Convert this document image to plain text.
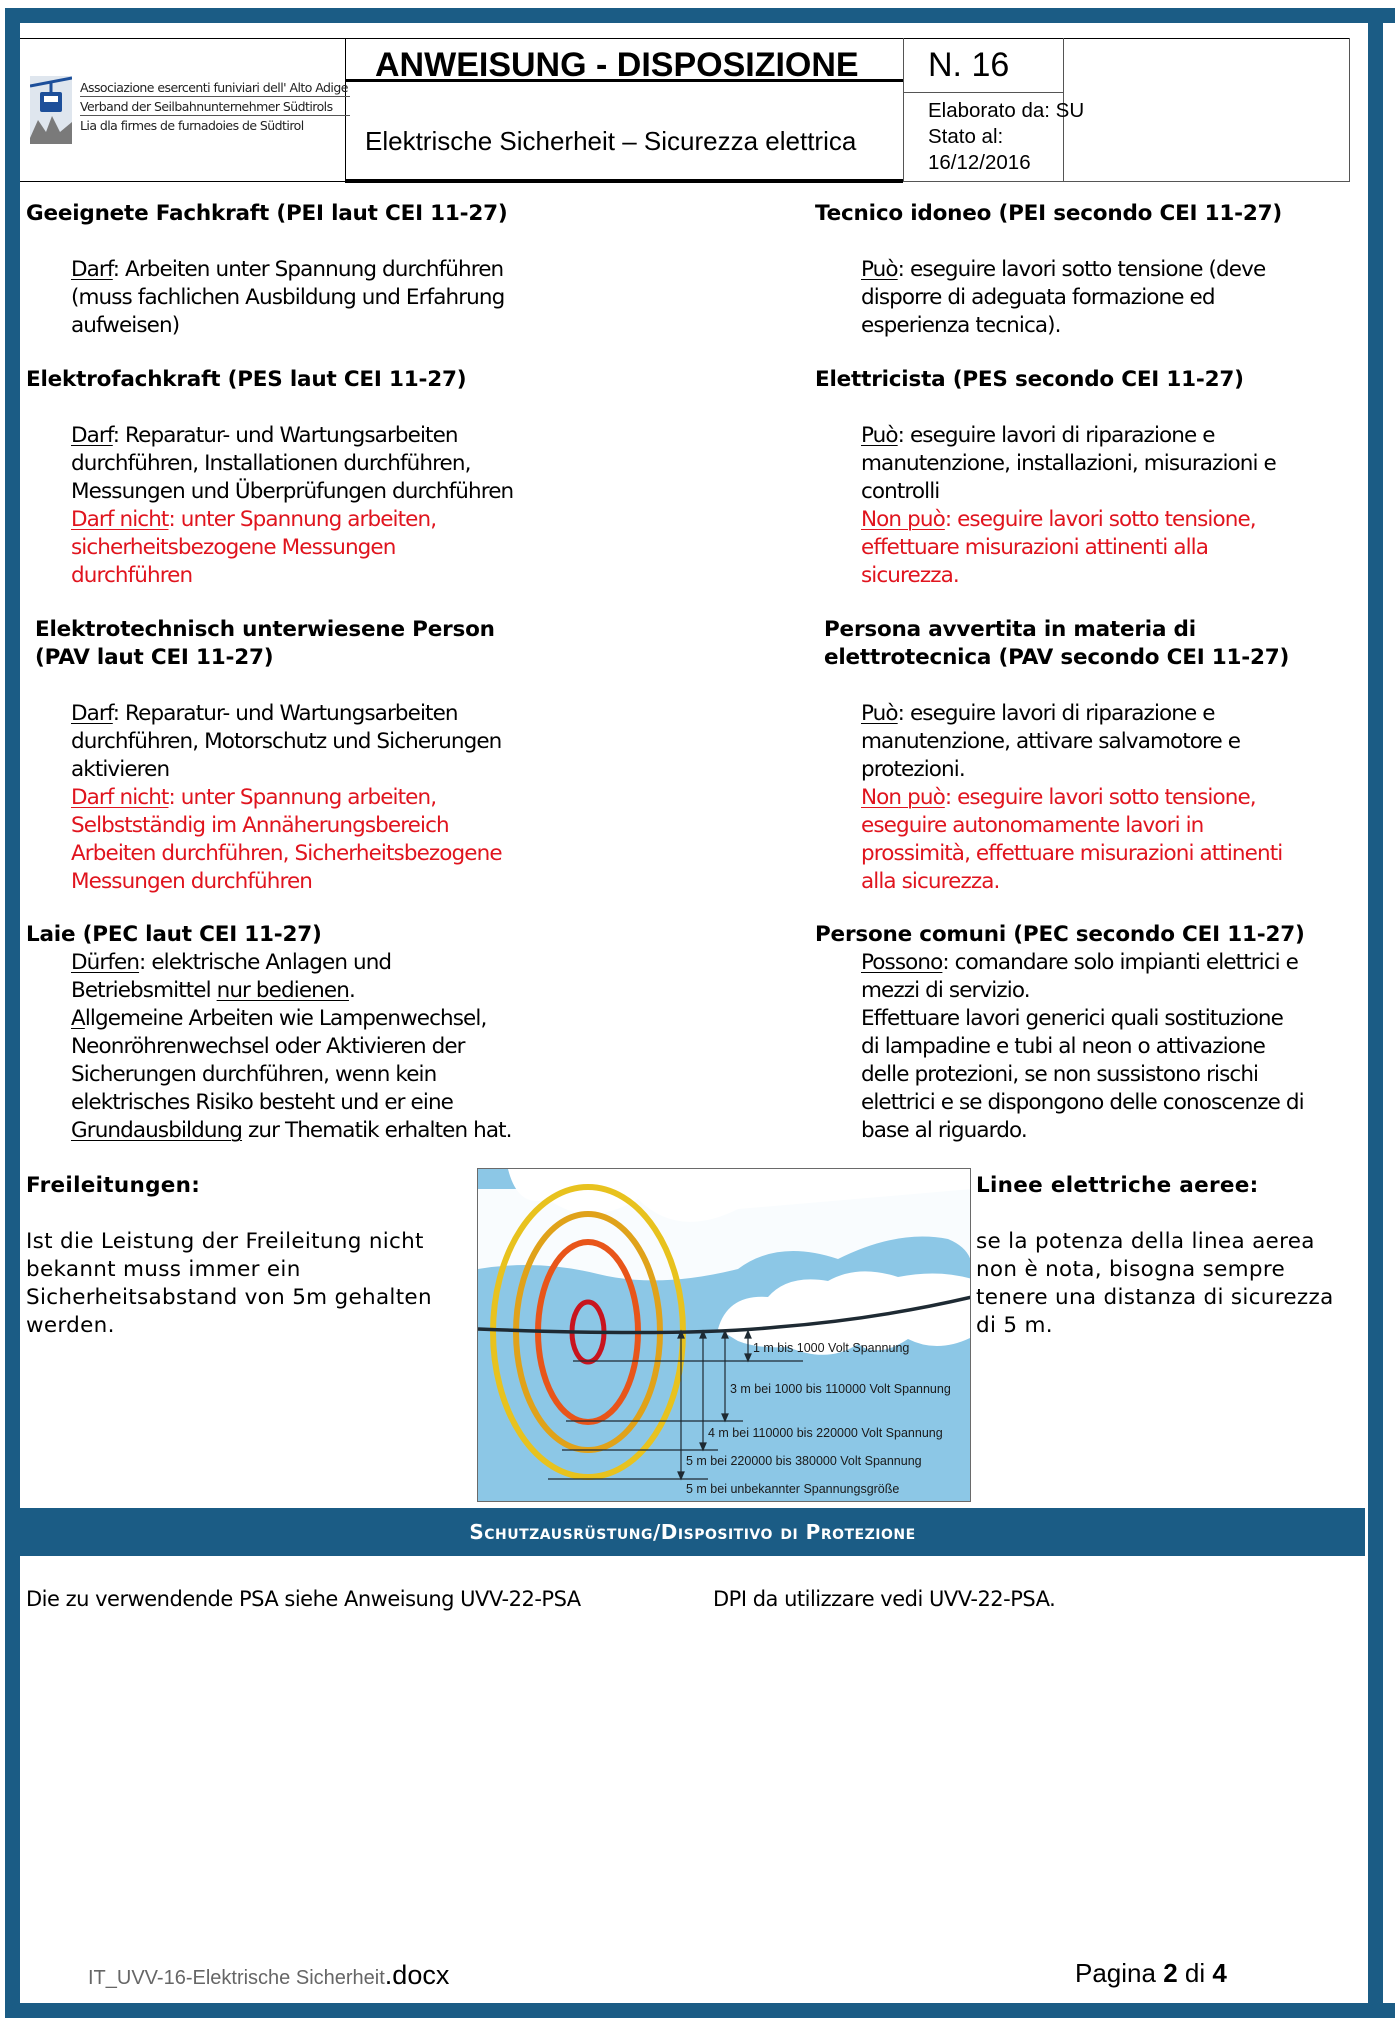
Associazione esercenti funiviari dell' Alto Adige
Verband der Seilbahnunternehmer Südtirols
Lia dla firmes de furnadoies de Südtirol
ANWEISUNG - DISPOSIZIONE
Elektrische Sicherheit – Sicurezza elettrica
N. 16
Elaborato da: SU
Stato al:
16/12/2016
Geeignete Fachkraft (PEI laut CEI 11-27)
Darf: Arbeiten unter Spannung durchführen
(muss fachlichen Ausbildung und Erfahrung
aufweisen)
Elektrofachkraft (PES laut CEI 11-27)
Darf: Reparatur- und Wartungsarbeiten
durchführen, Installationen durchführen,
Messungen und Überprüfungen durchführen
Darf nicht: unter Spannung arbeiten,
sicherheitsbezogene Messungen
durchführen
Elektrotechnisch unterwiesene Person
(PAV laut CEI 11-27)
Darf: Reparatur- und Wartungsarbeiten
durchführen, Motorschutz und Sicherungen
aktivieren
Darf nicht: unter Spannung arbeiten,
Selbstständig im Annäherungsbereich
Arbeiten durchführen, Sicherheitsbezogene
Messungen durchführen
Laie (PEC laut CEI 11-27)
Dürfen: elektrische Anlagen und
Betriebsmittel nur bedienen.
Allgemeine Arbeiten wie Lampenwechsel,
Neonröhrenwechsel oder Aktivieren der
Sicherungen durchführen, wenn kein
elektrisches Risiko besteht und er eine
Grundausbildung zur Thematik erhalten hat.
Tecnico idoneo (PEI secondo CEI 11-27)
Può: eseguire lavori sotto tensione (deve
disporre di adeguata formazione ed
esperienza tecnica).
Elettricista (PES secondo CEI 11-27)
Può: eseguire lavori di riparazione e
manutenzione, installazioni, misurazioni e
controlli
Non può: eseguire lavori sotto tensione,
effettuare misurazioni attinenti alla
sicurezza.
Persona avvertita in materia di
elettrotecnica (PAV secondo CEI 11-27)
Può: eseguire lavori di riparazione e
manutenzione, attivare salvamotore e
protezioni.
Non può: eseguire lavori sotto tensione,
eseguire autonomamente lavori in
prossimità, effettuare misurazioni attinenti
alla sicurezza.
Persone comuni (PEC secondo CEI 11-27)
Possono: comandare solo impianti elettrici e
mezzi di servizio.
Effettuare lavori generici quali sostituzione
di lampadine e tubi al neon o attivazione
delle protezioni, se non sussistono rischi
elettrici e se dispongono delle conoscenze di
base al riguardo.
Freileitungen:
Ist die Leistung der Freileitung nicht
bekannt muss immer ein
Sicherheitsabstand von 5m gehalten
werden.
Linee elettriche aeree:
se la potenza della linea aerea
non è nota, bisogna sempre
tenere una distanza di sicurezza
di 5 m.
1 m bis 1000 Volt Spannung
3 m bei 1000 bis 110000 Volt Spannung
4 m bei 110000 bis 220000 Volt Spannung
5 m bei 220000 bis 380000 Volt Spannung
5 m bei unbekannter Spannungsgröße
Schutzausrüstung/Dispositivo di Protezione
Die zu verwendende PSA siehe Anweisung UVV-22-PSA	DPI da utilizzare vedi UVV-22-PSA.
IT_UVV-16-Elektrische Sicherheit.docx	Pagina 2 di 4
